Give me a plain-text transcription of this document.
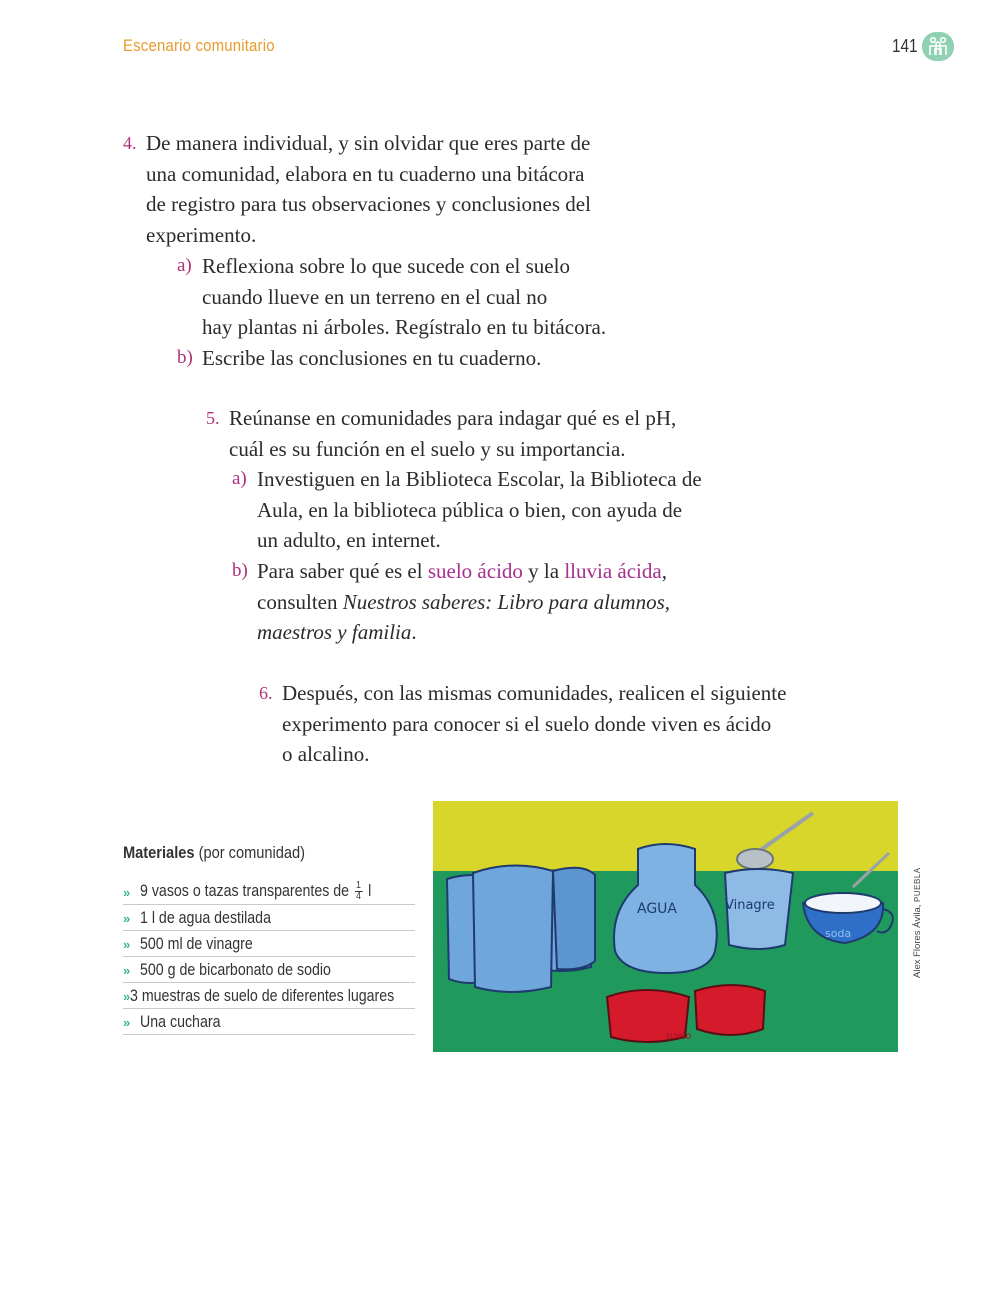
Escenario comunitario	141
4. De manera individual, y sin olvidar que eres parte de
una comunidad, elabora en tu cuaderno una bitácora
de registro para tus observaciones y conclusiones del
experimento.
a) Reflexiona sobre lo que sucede con el suelo
cuando llueve en un terreno en el cual no
hay plantas ni árboles. Regístralo en tu bitácora.
b) Escribe las conclusiones en tu cuaderno.
5. Reúnanse en comunidades para indagar qué es el pH,
cuál es su función en el suelo y su importancia.
a) Investiguen en la Biblioteca Escolar, la Biblioteca de
Aula, en la biblioteca pública o bien, con ayuda de
un adulto, en internet.
b) Para saber qué es el suelo ácido y la lluvia ácida,
consulten Nuestros saberes: Libro para alumnos,
maestros y familia.
6. Después, con las mismas comunidades, realicen el siguiente
experimento para conocer si el suelo donde viven es ácido
o alcalino.
Materiales (por comunidad)
» 9 vasos o tazas transparentes de $\frac{1}{4}$ l
» 1 l de agua destilada
» 500 ml de vinagre
» 500 g de bicarbonato de sodio
» 3 muestras de suelo de diferentes lugares
» Una cuchara
AGUA	Vinagre
soda
suelo
Alex Flores Ávila, PUEBLA
